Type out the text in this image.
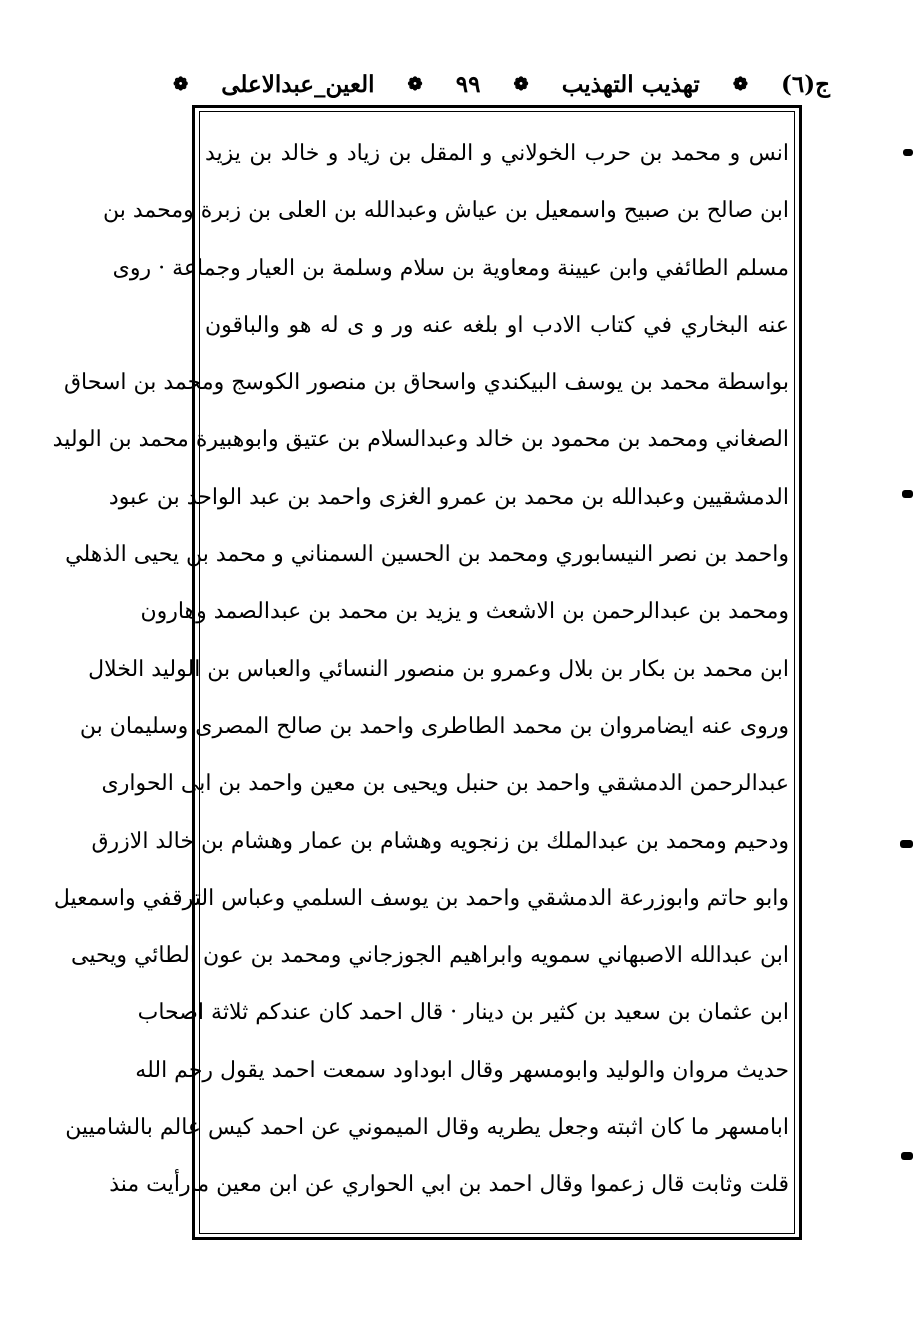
ج(٦)
❁
تهذيب التهذيب
❁
٩٩
❁
العين_عبدالاعلى
❁
انس و محمد بن حرب الخولاني و المقل بن زياد و خالد بن يزيد
ابن صالح بن صبيح واسمعيل بن عياش وعبدالله بن العلى بن زبرة ومحمد بن
مسلم الطائفي وابن عيينة ومعاوية بن سلام وسلمة بن العيار وجماعة · روى
عنه البخاري في كتاب الادب او بلغه عنه ور و ى له هو والباقون
بواسطة محمد بن يوسف البيكندي واسحاق بن منصور الكوسج ومحمد بن اسحاق
الصغاني ومحمد بن محمود بن خالد وعبدالسلام بن عتيق وابوهبيرة محمد بن الوليد
الدمشقيين وعبدالله بن محمد بن عمرو الغزى واحمد بن عبد الواحد بن عبود
واحمد بن نصر النيسابوري ومحمد بن الحسين السمناني و محمد بن يحيى الذهلي
ومحمد بن عبدالرحمن بن الاشعث و يزيد بن محمد بن عبدالصمد وهارون
ابن محمد بن بكار بن بلال وعمرو بن منصور النسائي والعباس بن الوليد الخلال
وروى عنه ايضامروان بن محمد الطاطرى واحمد بن صالح المصرى وسليمان بن
عبدالرحمن الدمشقي واحمد بن حنبل ويحيى بن معين واحمد بن ابى الحوارى
ودحيم ومحمد بن عبدالملك بن زنجويه وهشام بن عمار وهشام بن خالد الازرق
وابو حاتم وابوزرعة الدمشقي واحمد بن يوسف السلمي وعباس الترقفي واسمعيل
ابن عبدالله الاصبهاني سمويه وابراهيم الجوزجاني ومحمد بن عون الطائي ويحيى
ابن عثمان بن سعيد بن كثير بن دينار · قال احمد كان عندكم ثلاثة اصحاب
حديث مروان والوليد وابومسهر وقال ابوداود سمعت احمد يقول رحم الله
ابامسهر ما كان اثبته وجعل يطريه وقال الميموني عن احمد كيس عالم بالشاميين
قلت وثابت قال زعموا وقال احمد بن ابي الحواري عن ابن معين مارأيت منذ
